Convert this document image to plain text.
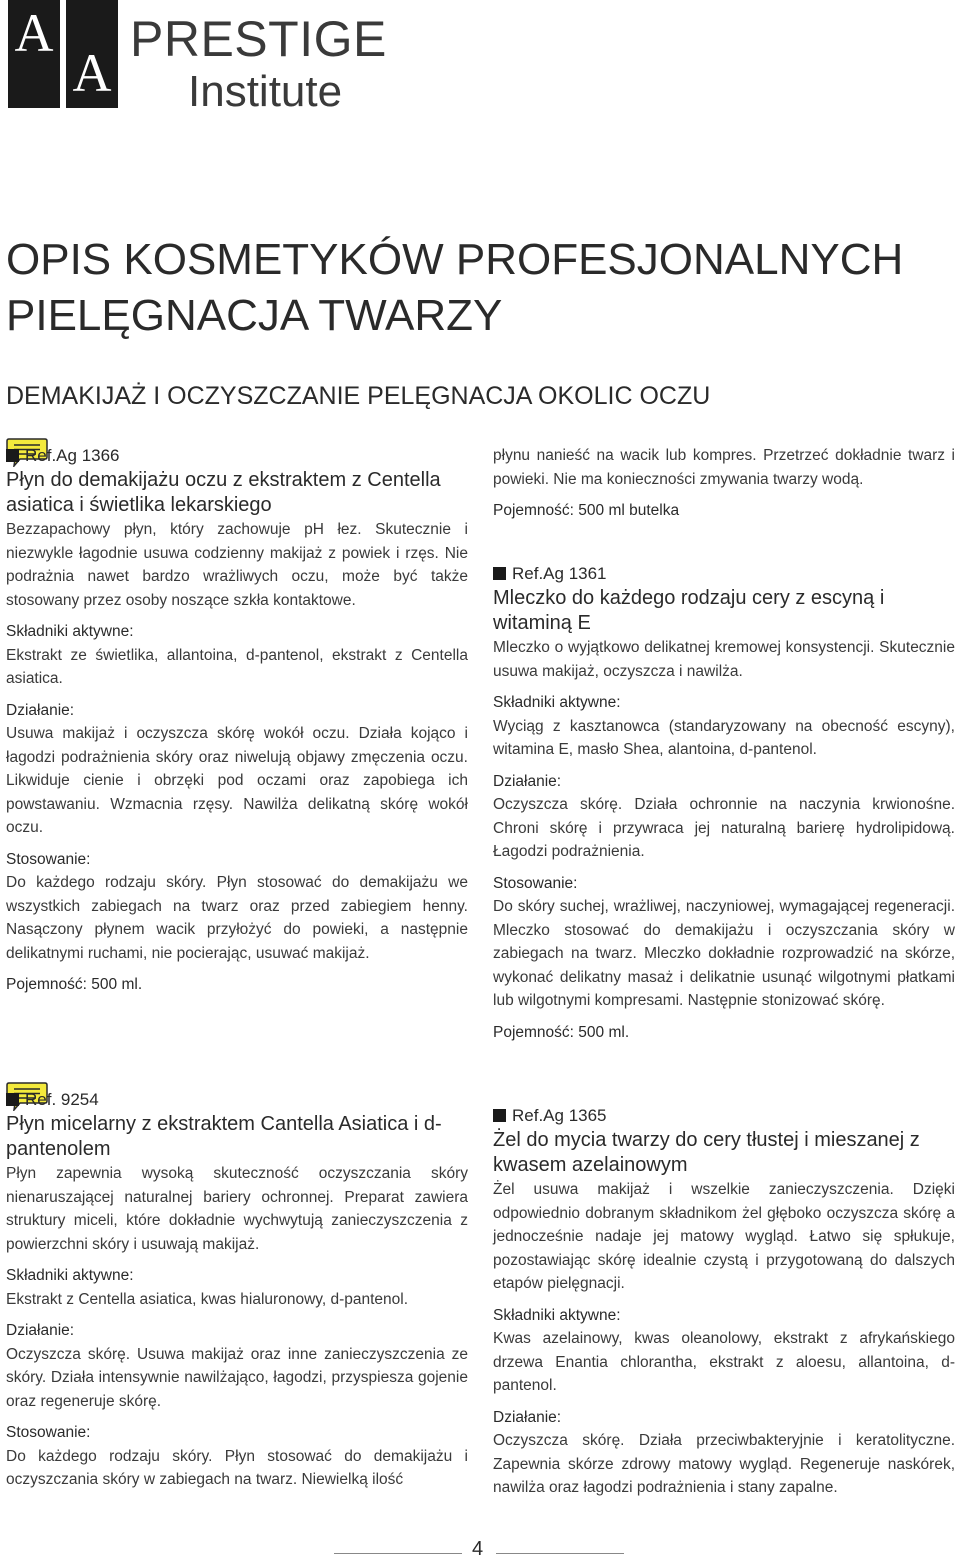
A
A
PRESTIGE
Institute
OPIS KOSMETYKÓW PROFESJONALNYCH
PIELĘGNACJA TWARZY
DEMAKIJAŻ I OCZYSZCZANIE PELĘGNACJA OKOLIC OCZU
Ref.Ag 1366

Płyn do demakijażu oczu z ekstraktem z Centella asiatica i świetlika lekarskiego

Bezzapachowy płyn, który zachowuje pH łez. Skutecznie i niezwykle łagodnie usuwa codzienny makijaż z powiek i rzęs. Nie podrażnia nawet bardzo wrażliwych oczu, może być także stosowany przez osoby noszące szkła kontaktowe.

Składniki aktywne:

Ekstrakt ze świetlika, allantoina, d-pantenol, ekstrakt z Centella asiatica.

Działanie:

Usuwa makijaż i oczyszcza skórę wokół oczu. Działa kojąco i łagodzi podrażnienia skóry oraz niwelują objawy zmęczenia oczu. Likwiduje cienie i obrzęki pod oczami oraz zapobiega ich powstawaniu. Wzmacnia rzęsy. Nawilża delikatną skórę wokół oczu.

Stosowanie:

Do każdego rodzaju skóry. Płyn stosować do demakijażu we wszystkich zabiegach na twarz oraz przed zabiegiem henny. Nasączony płynem wacik przyłożyć do powieki, a następnie delikatnymi ruchami, nie pocierając, usuwać makijaż.

Pojemność: 500 ml.

Ref. 9254

Płyn micelarny z ekstraktem Cantella Asiatica i d-pantenolem

Płyn zapewnia wysoką skuteczność oczyszczania skóry nienaruszającej naturalnej bariery ochronnej. Preparat zawiera struktury miceli, które dokładnie wychwytują zanieczyszczenia z powierzchni skóry i usuwają makijaż.

Składniki aktywne:

Ekstrakt z Centella asiatica, kwas hialuronowy, d-pantenol.

Działanie:

Oczyszcza skórę. Usuwa makijaż oraz inne zanieczyszczenia ze skóry. Działa intensywnie nawilżająco, łagodzi, przyspiesza gojenie oraz regeneruje skórę.

Stosowanie:

Do każdego rodzaju skóry. Płyn stosować do demakijażu i oczyszczania skóry w zabiegach na twarz. Niewielką ilość

płynu nanieść na wacik lub kompres. Przetrzeć dokładnie twarz i powieki. Nie ma konieczności zmywania twarzy wodą.

Pojemność: 500 ml butelka

Ref.Ag 1361

Mleczko do każdego rodzaju cery z escyną i witaminą E

Mleczko o wyjątkowo delikatnej kremowej konsystencji. Skutecznie usuwa makijaż, oczyszcza i nawilża.

Składniki aktywne:

Wyciąg z kasztanowca (standaryzowany na obecność escyny), witamina E, masło Shea, alantoina, d-pantenol.

Działanie:

Oczyszcza skórę. Działa ochronnie na naczynia krwionośne. Chroni skórę i przywraca jej naturalną barierę hydrolipidową. Łagodzi podrażnienia.

Stosowanie:

Do skóry suchej, wrażliwej, naczyniowej, wymagającej regeneracji. Mleczko stosować do demakijażu i oczyszczania skóry w zabiegach na twarz. Mleczko dokładnie rozprowadzić na skórze, wykonać delikatny masaż i delikatnie usunąć wilgotnymi płatkami lub wilgotnymi kompresami. Następnie stonizować skórę.

Pojemność: 500 ml.

Ref.Ag 1365

Żel do mycia twarzy do cery tłustej i mieszanej z kwasem azelainowym

Żel usuwa makijaż i wszelkie zanieczyszczenia. Dzięki odpowiednio dobranym składnikom żel głęboko oczyszcza skórę a jednocześnie nadaje jej matowy wygląd. Łatwo się spłukuje, pozostawiając skórę idealnie czystą i przygotowaną do dalszych etapów pielęgnacji.

Składniki aktywne:

Kwas azelainowy, kwas oleanolowy, ekstrakt z afrykańskiego drzewa Enantia chlorantha, ekstrakt z aloesu, allantoina, d-pantenol.

Działanie:

Oczyszcza skórę. Działa przeciwbakteryjnie i keratolityczne. Zapewnia skórze zdrowy matowy wygląd. Regeneruje naskórek, nawilża oraz łagodzi podrażnienia i stany zapalne.

4
